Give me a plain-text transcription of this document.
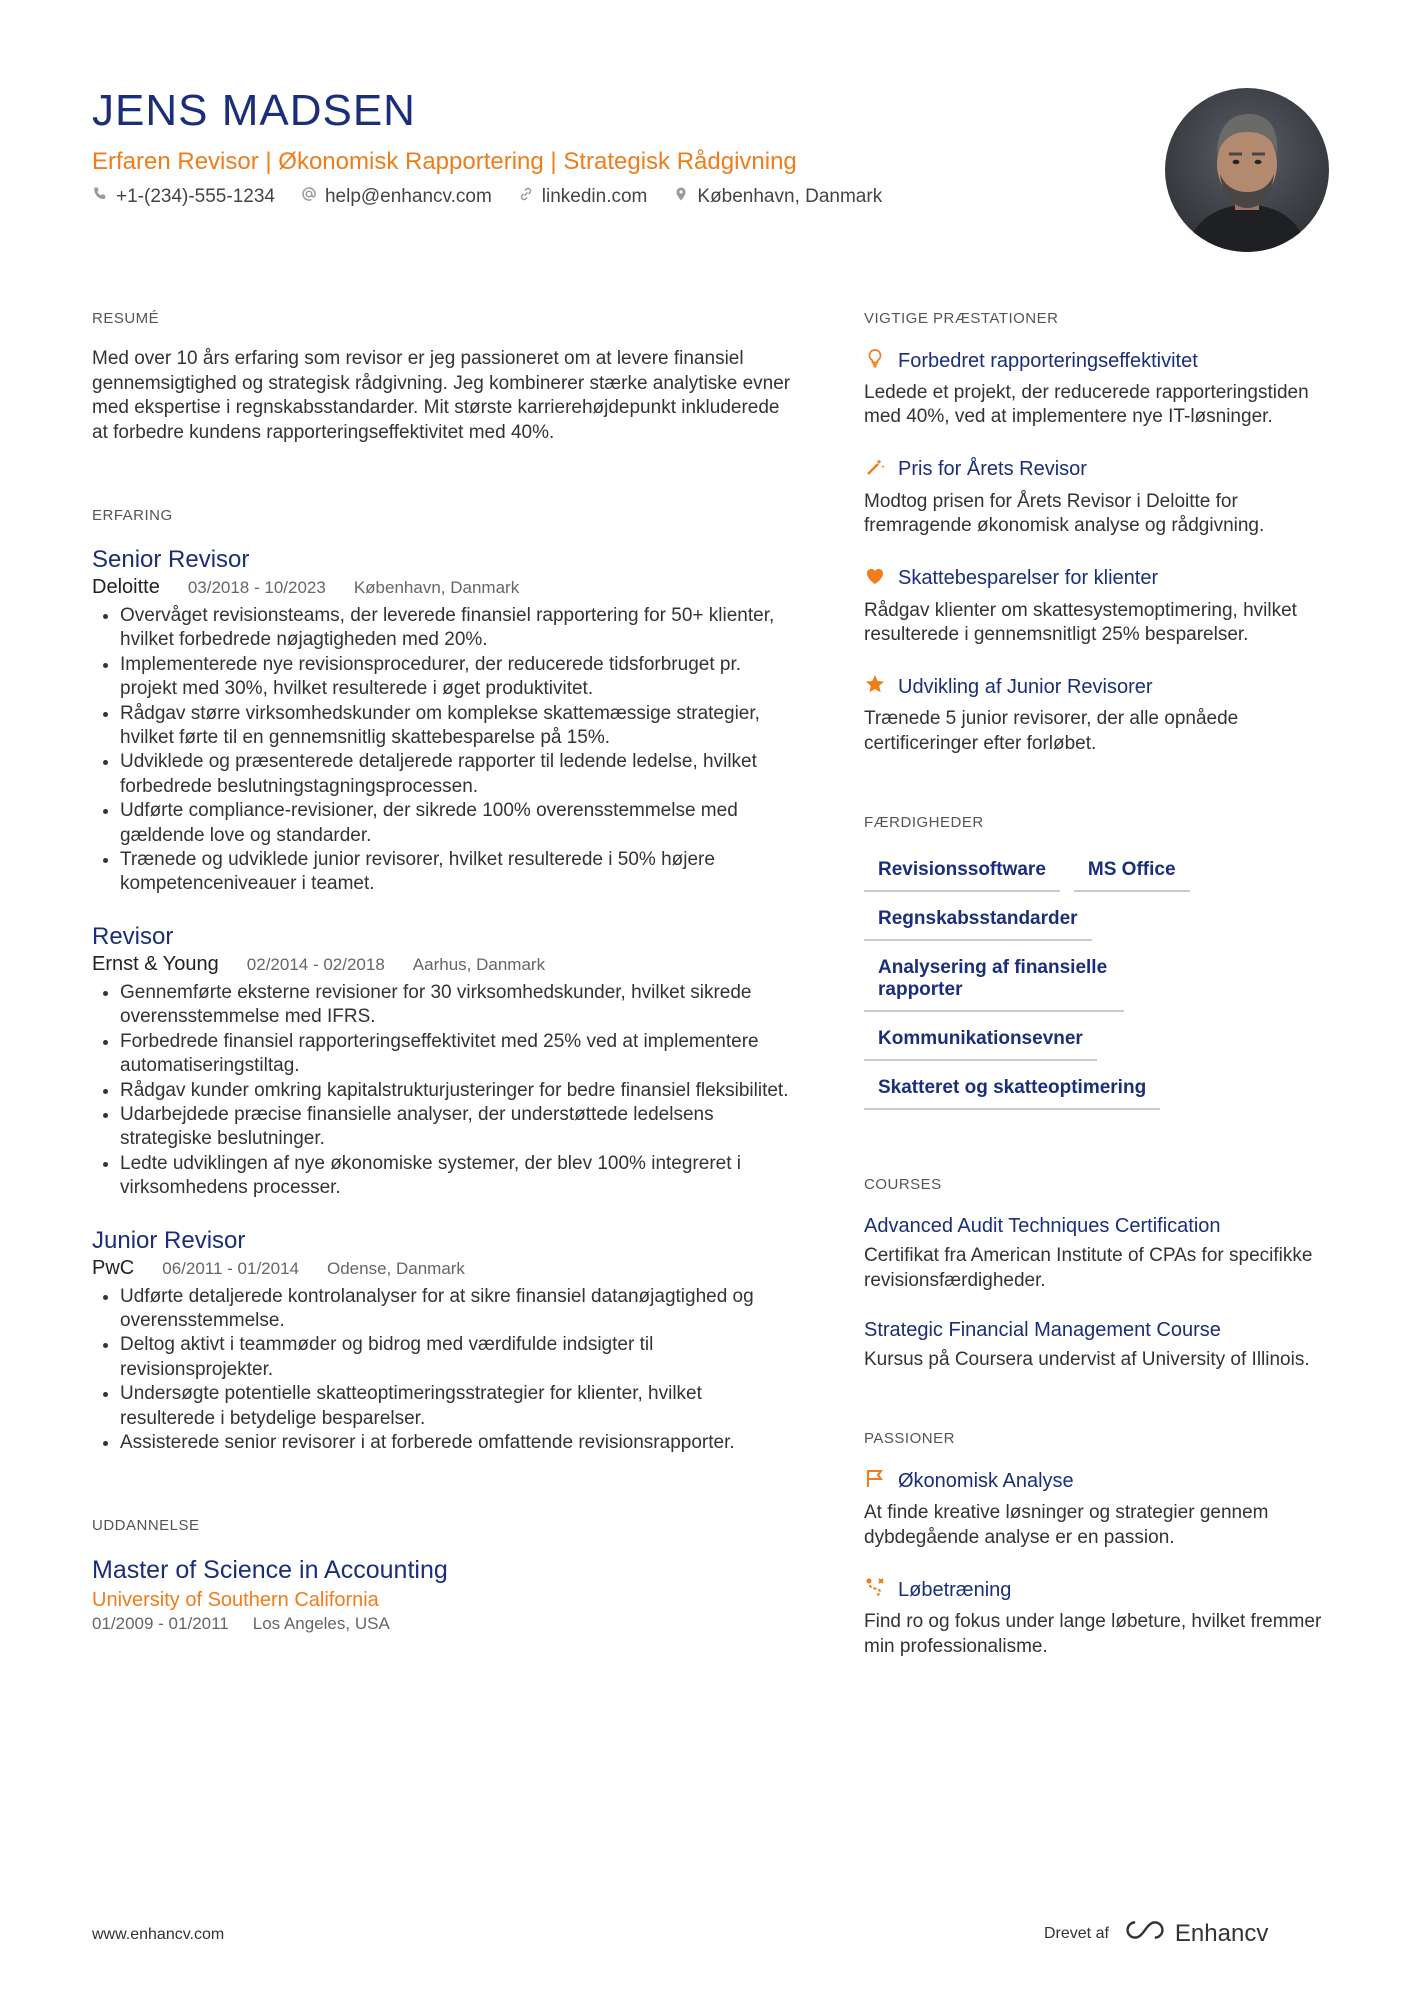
JENS MADSEN
Erfaren Revisor | Økonomisk Rapportering | Strategisk Rådgivning
+1-(234)-555-1234	help@enhancv.com	linkedin.com	København, Danmark
RESUMÉ

Med over 10 års erfaring som revisor er jeg passioneret om at levere finansiel gennemsigtighed og strategisk rådgivning. Jeg kombinerer stærke analytiske evner med ekspertise i regnskabsstandarder. Mit største karrierehøjdepunkt inkluderede at forbedre kundens rapporteringseffektivitet med 40%.

ERFARING
Senior Revisor
Deloitte 03/2018 - 10/2023 København, Danmark
• Overvåget revisionsteams, der leverede finansiel rapportering for 50+ klienter, hvilket forbedrede nøjagtigheden med 20%.
• Implementerede nye revisionsprocedurer, der reducerede tidsforbruget pr. projekt med 30%, hvilket resulterede i øget produktivitet.
• Rådgav større virksomhedskunder om komplekse skattemæssige strategier, hvilket førte til en gennemsnitlig skattebesparelse på 15%.
• Udviklede og præsenterede detaljerede rapporter til ledende ledelse, hvilket forbedrede beslutningstagningsprocessen.
• Udførte compliance-revisioner, der sikrede 100% overensstemmelse med gældende love og standarder.
• Trænede og udviklede junior revisorer, hvilket resulterede i 50% højere kompetenceniveauer i teamet.
Revisor
Ernst & Young 02/2014 - 02/2018 Aarhus, Danmark
• Gennemførte eksterne revisioner for 30 virksomhedskunder, hvilket sikrede overensstemmelse med IFRS.
• Forbedrede finansiel rapporteringseffektivitet med 25% ved at implementere automatiseringstiltag.
• Rådgav kunder omkring kapitalstrukturjusteringer for bedre finansiel fleksibilitet.
• Udarbejdede præcise finansielle analyser, der understøttede ledelsens strategiske beslutninger.
• Ledte udviklingen af nye økonomiske systemer, der blev 100% integreret i virksomhedens processer.
Junior Revisor
PwC 06/2011 - 01/2014 Odense, Danmark
• Udførte detaljerede kontrolanalyser for at sikre finansiel datanøjagtighed og overensstemmelse.
• Deltog aktivt i teammøder og bidrog med værdifulde indsigter til revisionsprojekter.
• Undersøgte potentielle skatteoptimeringsstrategier for klienter, hvilket resulterede i betydelige besparelser.
• Assisterede senior revisorer i at forberede omfattende revisionsrapporter.
UDDANNELSE
Master of Science in Accounting
University of Southern California
01/2009 - 01/2011 Los Angeles, USA
VIGTIGE PRÆSTATIONER
Forbedret rapporteringseffektivitet

Ledede et projekt, der reducerede rapporteringstiden med 40%, ved at implementere nye IT-løsninger.

Pris for Årets Revisor

Modtog prisen for Årets Revisor i Deloitte for fremragende økonomisk analyse og rådgivning.

Skattebesparelser for klienter

Rådgav klienter om skattesystemoptimering, hvilket resulterede i gennemsnitligt 25% besparelser.

Udvikling af Junior Revisorer

Trænede 5 junior revisorer, der alle opnåede certificeringer efter forløbet.

FÆRDIGHEDER
Revisionssoftware	MS Office
Regnskabsstandarder
Analysering af finansielle rapporter
Kommunikationsevner
Skatteret og skatteoptimering
COURSES
Advanced Audit Techniques Certification

Certifikat fra American Institute of CPAs for specifikke revisionsfærdigheder.

Strategic Financial Management Course

Kursus på Coursera undervist af University of Illinois.

PASSIONER
Økonomisk Analyse

At finde kreative løsninger og strategier gennem dybdegående analyse er en passion.

Løbetræning

Find ro og fokus under lange løbeture, hvilket fremmer min professionalisme.

www.enhancv.com	Drevet af	Enhancv
